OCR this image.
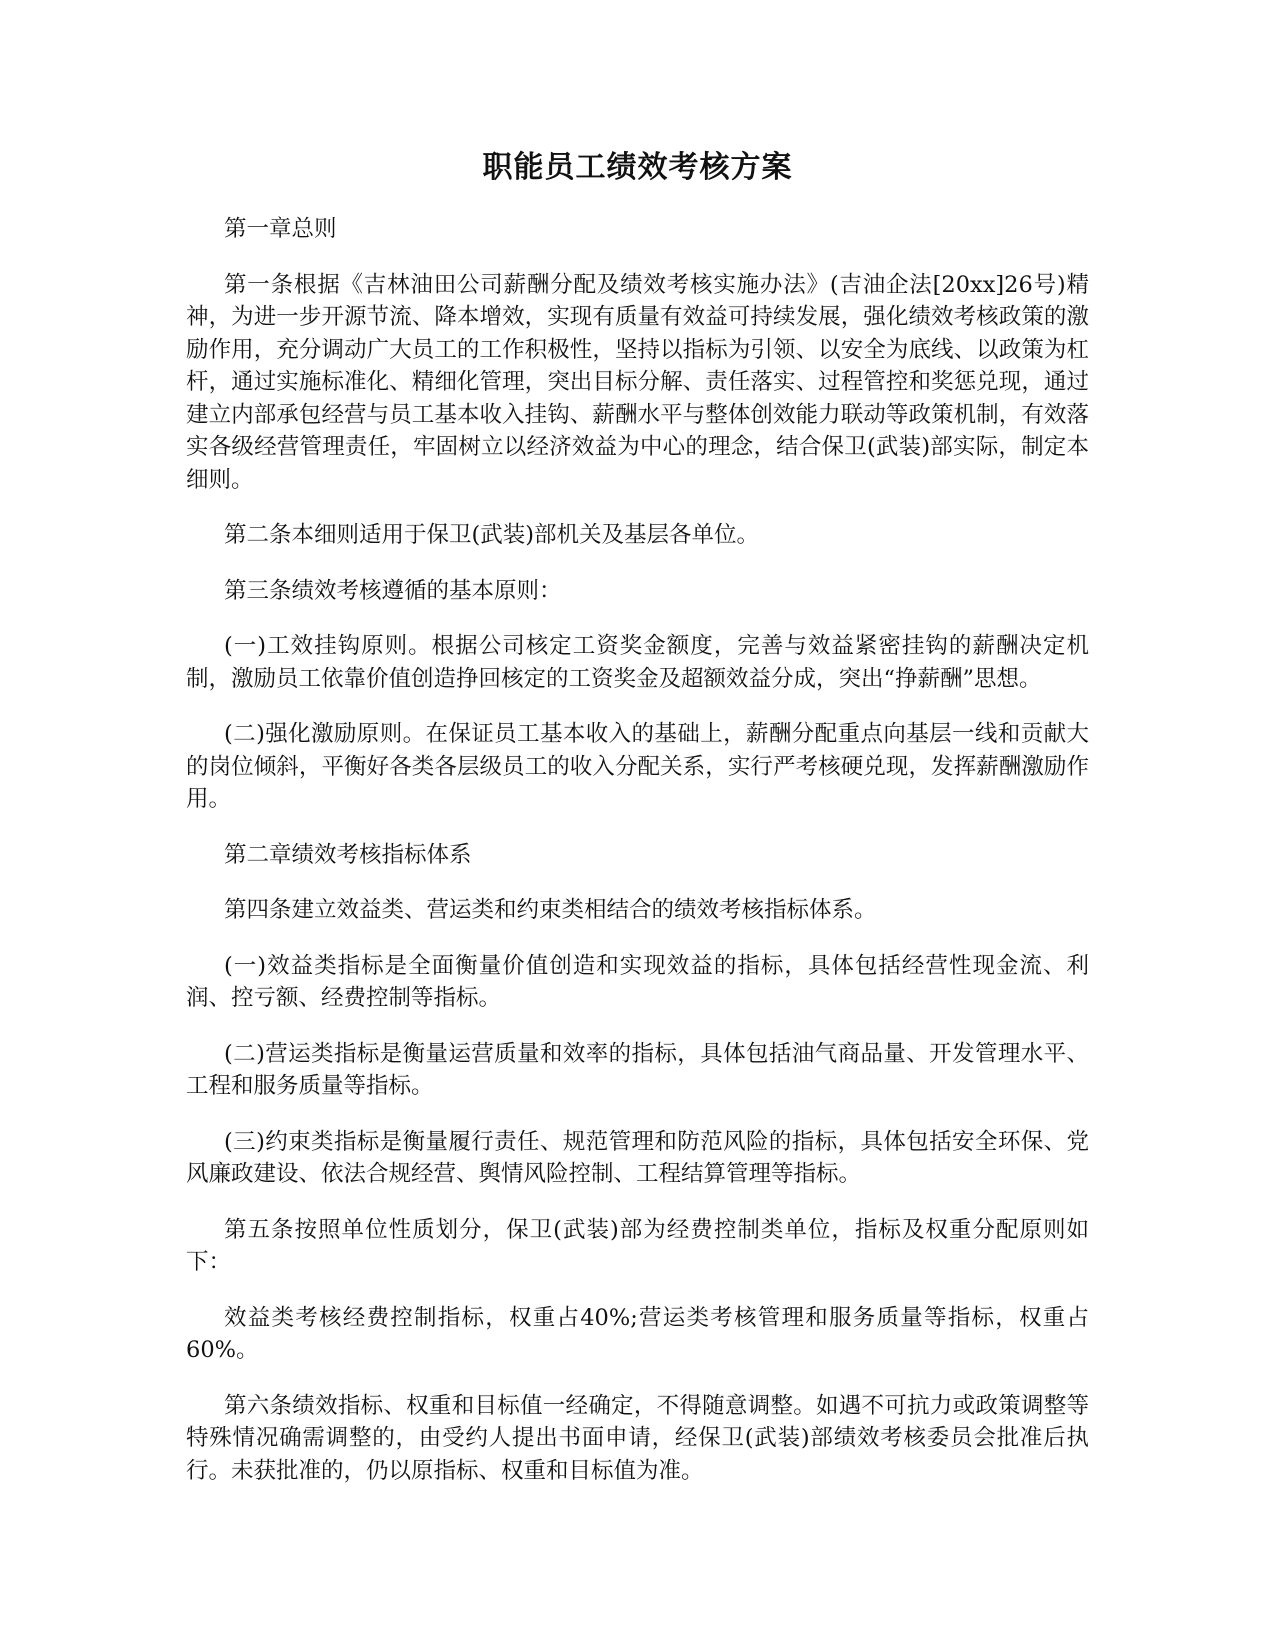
职能员工绩效考核方案

第一章总则

第一条根据《吉林油田公司薪酬分配及绩效考核实施办法》(吉油企法[20xx]26号)精神，为进一步开源节流、降本增效，实现有质量有效益可持续发展，强化绩效考核政策的激励作用，充分调动广大员工的工作积极性，坚持以指标为引领、以安全为底线、以政策为杠杆，通过实施标准化、精细化管理，突出目标分解、责任落实、过程管控和奖惩兑现，通过建立内部承包经营与员工基本收入挂钩、薪酬水平与整体创效能力联动等政策机制，有效落实各级经营管理责任，牢固树立以经济效益为中心的理念，结合保卫(武装)部实际，制定本细则。

第二条本细则适用于保卫(武装)部机关及基层各单位。

第三条绩效考核遵循的基本原则：

(一)工效挂钩原则。根据公司核定工资奖金额度，完善与效益紧密挂钩的薪酬决定机制，激励员工依靠价值创造挣回核定的工资奖金及超额效益分成，突出“挣薪酬”思想。

(二)强化激励原则。在保证员工基本收入的基础上，薪酬分配重点向基层一线和贡献大的岗位倾斜，平衡好各类各层级员工的收入分配关系，实行严考核硬兑现，发挥薪酬激励作用。

第二章绩效考核指标体系

第四条建立效益类、营运类和约束类相结合的绩效考核指标体系。

(一)效益类指标是全面衡量价值创造和实现效益的指标，具体包括经营性现金流、利润、控亏额、经费控制等指标。

(二)营运类指标是衡量运营质量和效率的指标，具体包括油气商品量、开发管理水平、工程和服务质量等指标。

(三)约束类指标是衡量履行责任、规范管理和防范风险的指标，具体包括安全环保、党风廉政建设、依法合规经营、舆情风险控制、工程结算管理等指标。

第五条按照单位性质划分，保卫(武装)部为经费控制类单位，指标及权重分配原则如下：

效益类考核经费控制指标，权重占40%;营运类考核管理和服务质量等指标，权重占60%。

第六条绩效指标、权重和目标值一经确定，不得随意调整。如遇不可抗力或政策调整等特殊情况确需调整的，由受约人提出书面申请，经保卫(武装)部绩效考核委员会批准后执行。未获批准的，仍以原指标、权重和目标值为准。
